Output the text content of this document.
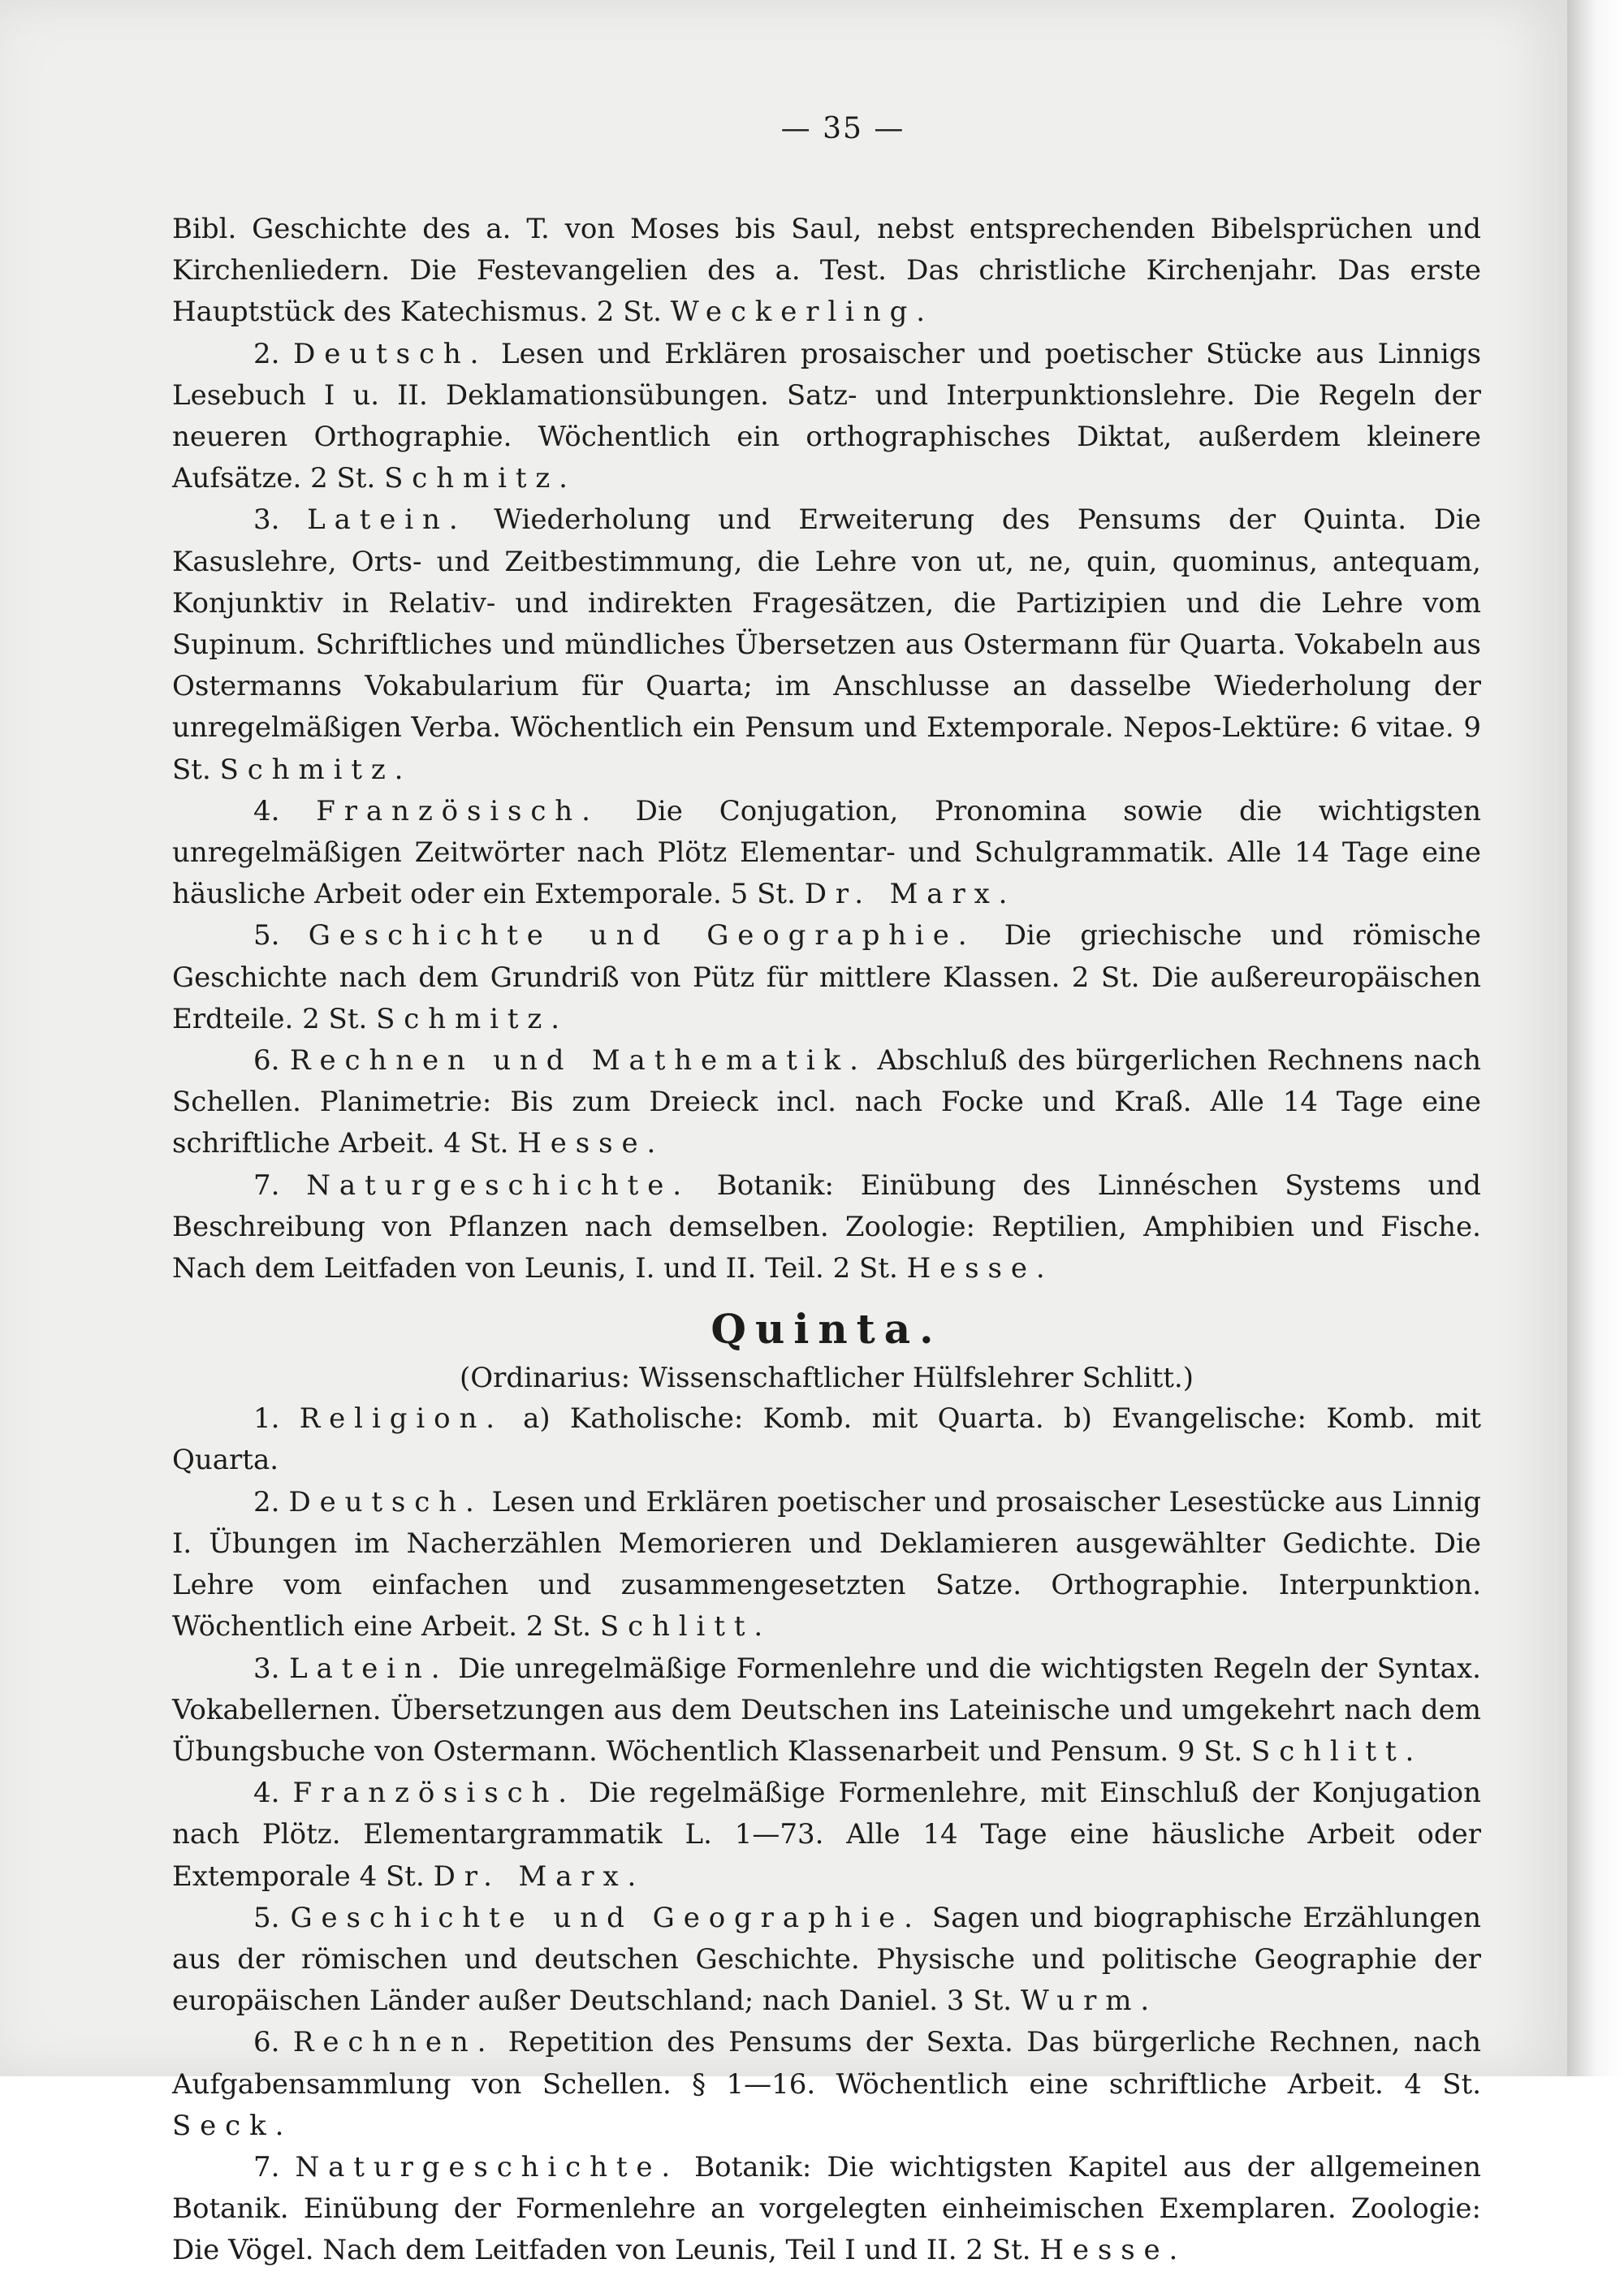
— 35 —

Bibl. Geschichte des a. T. von Moses bis Saul, nebst entsprechenden Bibelsprüchen und Kirchenliedern. Die Festevangelien des a. Test. Das christliche Kirchenjahr. Das erste Hauptstück des Katechismus. 2 St. Weckerling.

2. Deutsch. Lesen und Erklären prosaischer und poetischer Stücke aus Linnigs Lesebuch I u. II. Deklamationsübungen. Satz- und Interpunktionslehre. Die Regeln der neueren Orthographie. Wöchentlich ein orthographisches Diktat, außerdem kleinere Aufsätze. 2 St. Schmitz.

3. Latein. Wiederholung und Erweiterung des Pensums der Quinta. Die Kasuslehre, Orts- und Zeitbestimmung, die Lehre von ut, ne, quin, quominus, antequam, Konjunktiv in Relativ- und indirekten Fragesätzen, die Partizipien und die Lehre vom Supinum. Schriftliches und mündliches Übersetzen aus Ostermann für Quarta. Vokabeln aus Ostermanns Vokabularium für Quarta; im Anschlusse an dasselbe Wiederholung der unregelmäßigen Verba. Wöchentlich ein Pensum und Extemporale. Nepos-Lektüre: 6 vitae. 9 St. Schmitz.

4. Französisch. Die Conjugation, Pronomina sowie die wichtigsten unregelmäßigen Zeitwörter nach Plötz Elementar- und Schulgrammatik. Alle 14 Tage eine häusliche Arbeit oder ein Extemporale. 5 St. Dr. Marx.

5. Geschichte und Geographie. Die griechische und römische Geschichte nach dem Grundriß von Pütz für mittlere Klassen. 2 St. Die außereuropäischen Erdteile. 2 St. Schmitz.

6. Rechnen und Mathematik. Abschluß des bürgerlichen Rechnens nach Schellen. Planimetrie: Bis zum Dreieck incl. nach Focke und Kraß. Alle 14 Tage eine schriftliche Arbeit. 4 St. Hesse.

7. Naturgeschichte. Botanik: Einübung des Linnéschen Systems und Beschreibung von Pflanzen nach demselben. Zoologie: Reptilien, Amphibien und Fische. Nach dem Leitfaden von Leunis, I. und II. Teil. 2 St. Hesse.

Quinta.
(Ordinarius: Wissenschaftlicher Hülfslehrer Schlitt.)

1. Religion. a) Katholische: Komb. mit Quarta. b) Evangelische: Komb. mit Quarta.

2. Deutsch. Lesen und Erklären poetischer und prosaischer Lesestücke aus Linnig I. Übungen im Nacherzählen Memorieren und Deklamieren ausgewählter Gedichte. Die Lehre vom einfachen und zusammengesetzten Satze. Orthographie. Interpunktion. Wöchentlich eine Arbeit. 2 St. Schlitt.

3. Latein. Die unregelmäßige Formenlehre und die wichtigsten Regeln der Syntax. Vokabellernen. Übersetzungen aus dem Deutschen ins Lateinische und umgekehrt nach dem Übungsbuche von Ostermann. Wöchentlich Klassenarbeit und Pensum. 9 St. Schlitt.

4. Französisch. Die regelmäßige Formenlehre, mit Einschluß der Konjugation nach Plötz. Elementargrammatik L. 1—73. Alle 14 Tage eine häusliche Arbeit oder Extemporale 4 St. Dr. Marx.

5. Geschichte und Geographie. Sagen und biographische Erzählungen aus der römischen und deutschen Geschichte. Physische und politische Geographie der europäischen Länder außer Deutschland; nach Daniel. 3 St. Wurm.

6. Rechnen. Repetition des Pensums der Sexta. Das bürgerliche Rechnen, nach Aufgabensammlung von Schellen. § 1—16. Wöchentlich eine schriftliche Arbeit. 4 St. Seck.

7. Naturgeschichte. Botanik: Die wichtigsten Kapitel aus der allgemeinen Botanik. Einübung der Formenlehre an vorgelegten einheimischen Exemplaren. Zoologie: Die Vögel. Nach dem Leitfaden von Leunis, Teil I und II. 2 St. Hesse.
